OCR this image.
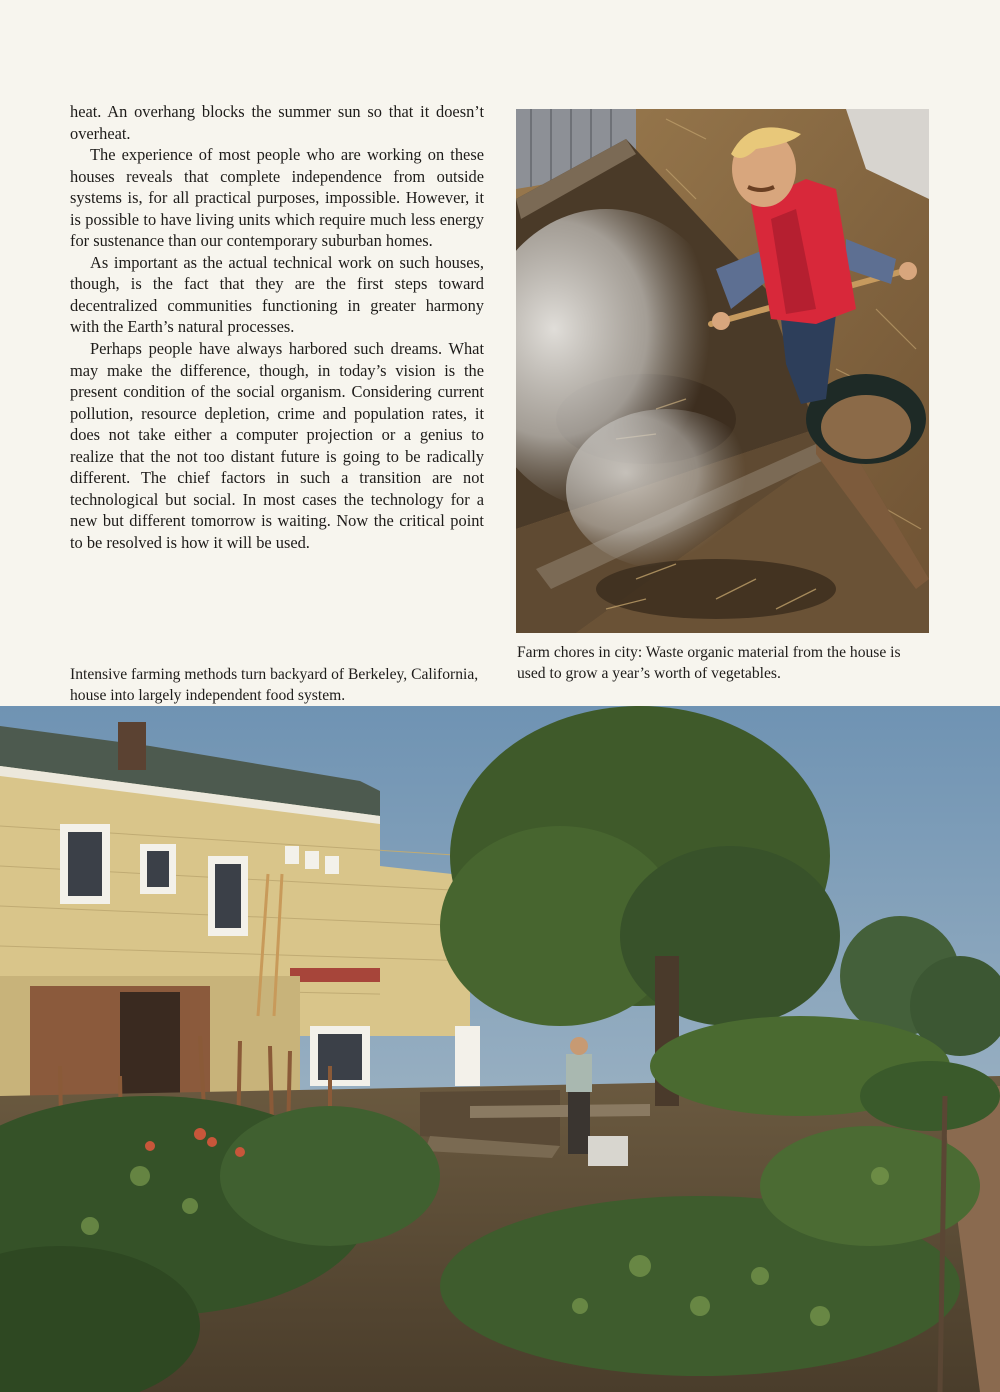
heat. An overhang blocks the summer sun so that it doesn’t overheat.

The experience of most people who are working on these houses reveals that complete independence from outside systems is, for all practical purposes, impossible. However, it is possible to have living units which require much less energy for sustenance than our contemporary suburban homes.

As important as the actual technical work on such houses, though, is the fact that they are the first steps toward decentralized communities functioning in greater harmony with the Earth’s natural processes.

Perhaps people have always harbored such dreams. What may make the difference, though, in today’s vision is the present condition of the social organism. Considering current pollution, resource depletion, crime and population rates, it does not take either a computer projection or a genius to realize that the not too distant future is going to be radically different. The chief factors in such a transition are not technological but social. In most cases the technology for a new but different tomorrow is waiting. Now the critical point to be resolved is how it will be used.

Farm chores in city: Waste organic material from the house is used to grow a year’s worth of vegetables.

Intensive farming methods turn backyard of Berkeley, California, house into largely independent food system.
